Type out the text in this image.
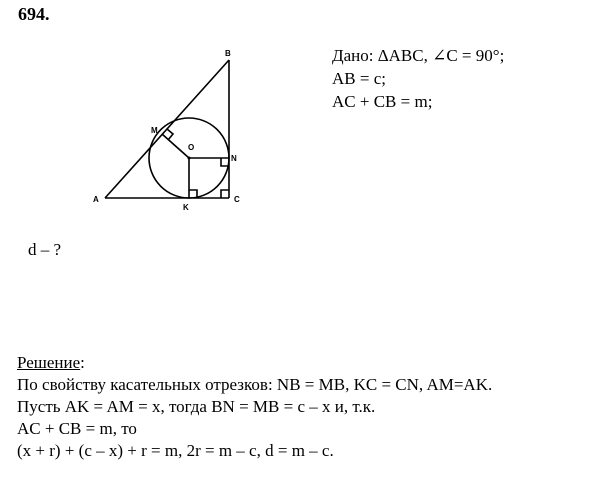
694.
A
B
C
M
O
N
K
Дано: ΔABC, ∠C = 90°;
AB = c;
AC + CB = m;
d – ?
Решение:
По свойству касательных отрезков: NB = MB, KC = CN, AM=AK.
Пусть AK = AM = x, тогда BN = MB = c – x и, т.к.
AC + CB = m, то
(x + r) + (c – x) + r = m, 2r = m – c, d = m – c.
